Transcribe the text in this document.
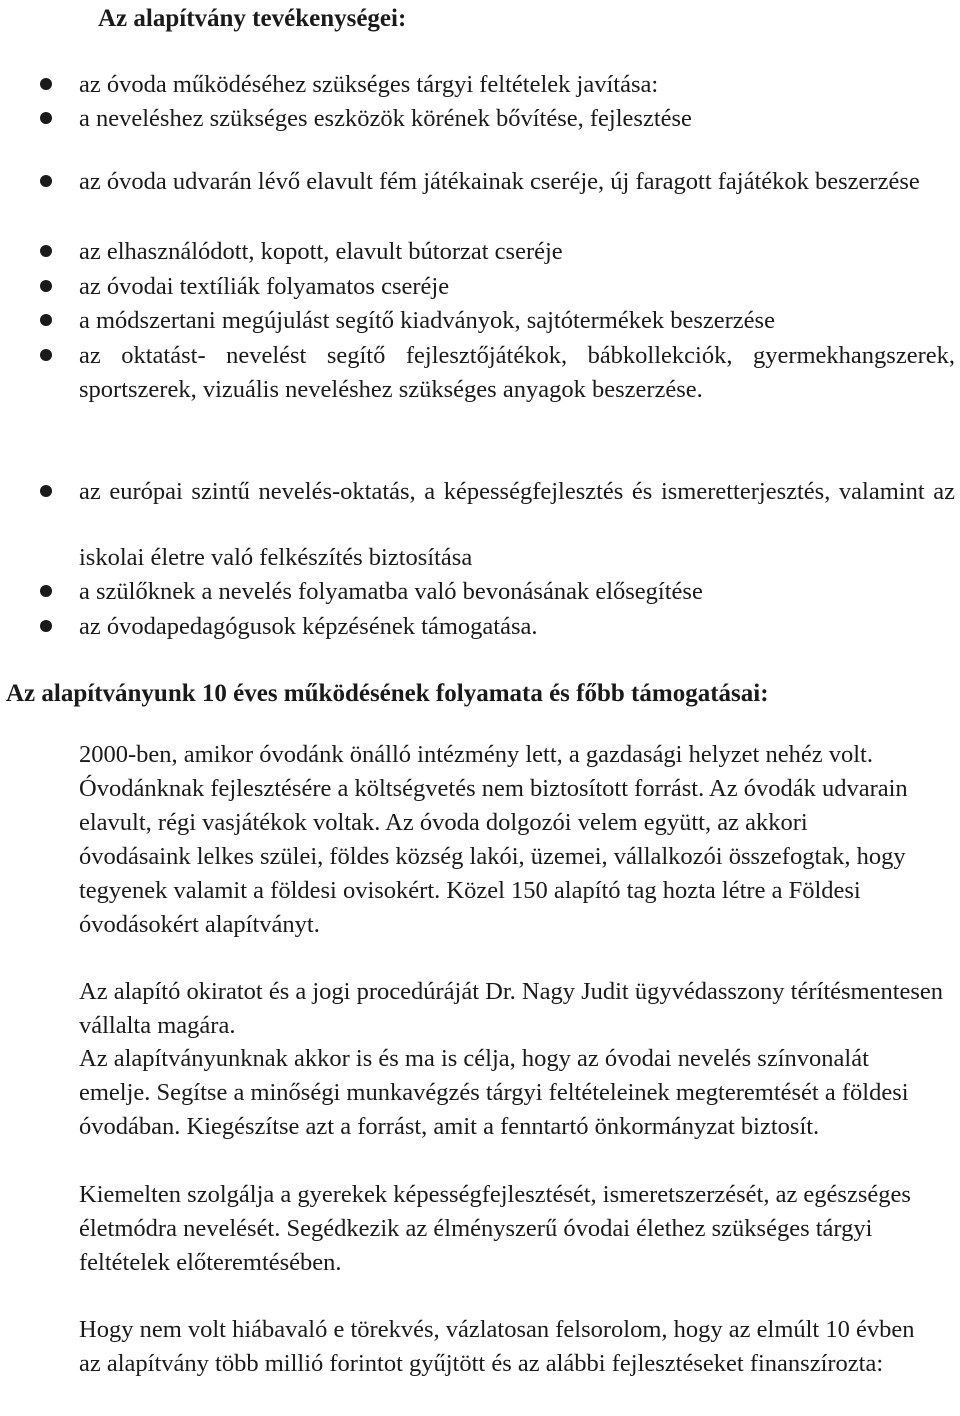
Az alapítvány tevékenységei:

az óvoda működéséhez szükséges tárgyi feltételek javítása:

a neveléshez szükséges eszközök körének bővítése, fejlesztése

az óvoda udvarán lévő elavult fém játékainak cseréje, új faragott fajátékok beszerzése

az elhasználódott, kopott, elavult bútorzat cseréje

az óvodai textíliák folyamatos cseréje

a módszertani megújulást segítő kiadványok, sajtótermékek beszerzése

az oktatást- nevelést segítő fejlesztőjátékok, bábkollekciók, gyermekhangszerek, sportszerek, vizuális neveléshez szükséges anyagok beszerzése.

az európai szintű nevelés-oktatás, a képességfejlesztés és ismeretterjesztés, valamint az iskolai életre való felkészítés biztosítása

a szülőknek a nevelés folyamatba való bevonásának elősegítése

az óvodapedagógusok képzésének támogatása.

Az alapítványunk 10 éves működésének folyamata és főbb támogatásai:

2000-ben, amikor óvodánk önálló intézmény lett, a gazdasági helyzet nehéz volt. Óvodánknak fejlesztésére a költségvetés nem biztosított forrást. Az óvodák udvarain elavult, régi vasjátékok voltak. Az óvoda dolgozói velem együtt, az akkori óvodásaink lelkes szülei, földes község lakói, üzemei, vállalkozói összefogtak, hogy tegyenek valamit a földesi ovisokért. Közel 150 alapító tag hozta létre a Földesi óvodásokért alapítványt.

Az alapító okiratot és a jogi procedúráját Dr. Nagy Judit ügyvédasszony térítésmentesen vállalta magára.

Az alapítványunknak akkor is és ma is célja, hogy az óvodai nevelés színvonalát emelje. Segítse a minőségi munkavégzés tárgyi feltételeinek megteremtését a földesi óvodában. Kiegészítse azt a forrást, amit a fenntartó önkormányzat biztosít.

Kiemelten szolgálja a gyerekek képességfejlesztését, ismeretszerzését, az egészséges életmódra nevelését. Segédkezik az élményszerű óvodai élethez szükséges tárgyi feltételek előteremtésében.

Hogy nem volt hiábavaló e törekvés, vázlatosan felsorolom, hogy az elmúlt 10 évben az alapítvány több millió forintot gyűjtött és az alábbi fejlesztéseket finanszírozta:
